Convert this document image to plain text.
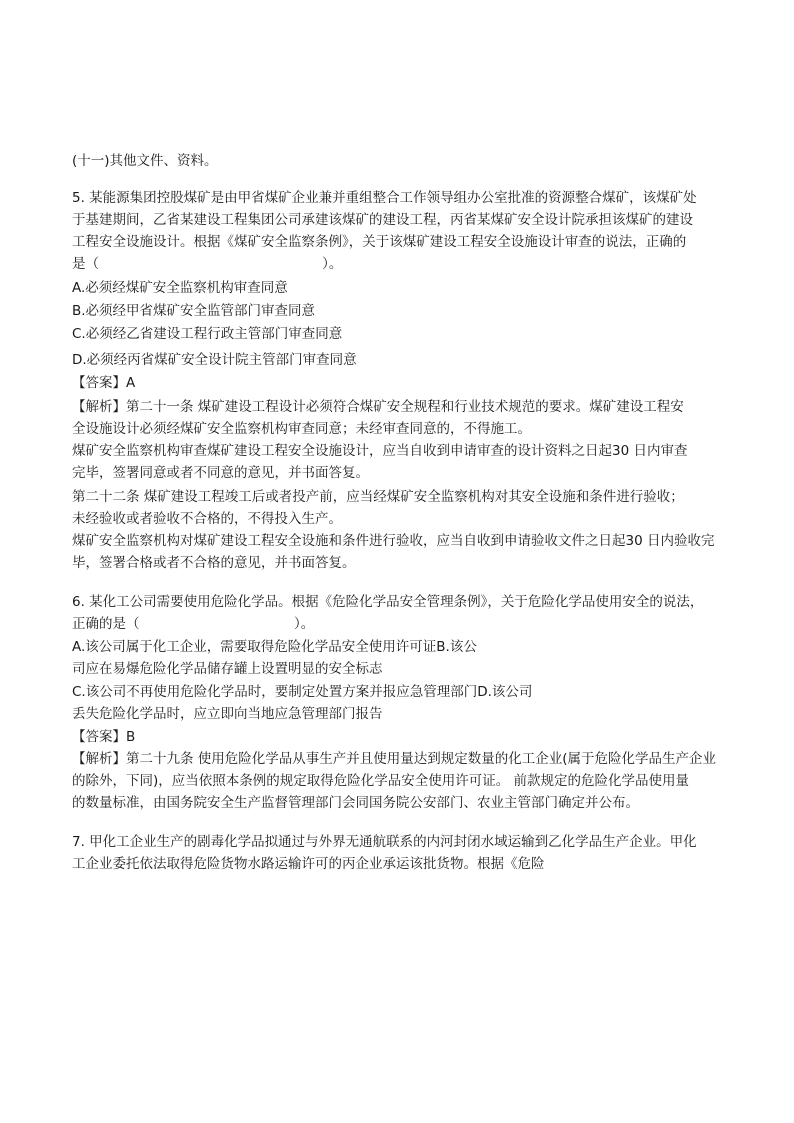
(十一)其他文件、资料。
5. 某能源集团控股煤矿是由甲省煤矿企业兼并重组整合工作领导组办公室批准的资源整合煤矿，该煤矿处
于基建期间，乙省某建设工程集团公司承建该煤矿的建设工程，丙省某煤矿安全设计院承担该煤矿的建设
工程安全设施设计。根据《煤矿安全监察条例》，关于该煤矿建设工程安全设施设计审查的说法，正确的
是（                                                    ）。
A.必须经煤矿安全监察机构审查同意
B.必须经甲省煤矿安全监管部门审查同意
C.必须经乙省建设工程行政主管部门审查同意
D.必须经丙省煤矿安全设计院主管部门审查同意
【答案】A
【解析】第二十一条 煤矿建设工程设计必须符合煤矿安全规程和行业技术规范的要求。煤矿建设工程安
全设施设计必须经煤矿安全监察机构审查同意；未经审查同意的，不得施工。
煤矿安全监察机构审查煤矿建设工程安全设施设计，应当自收到申请审查的设计资料之日起30 日内审查
完毕，签署同意或者不同意的意见，并书面答复。
第二十二条 煤矿建设工程竣工后或者投产前，应当经煤矿安全监察机构对其安全设施和条件进行验收；
未经验收或者验收不合格的，不得投入生产。
煤矿安全监察机构对煤矿建设工程安全设施和条件进行验收，应当自收到申请验收文件之日起30 日内验收完
毕，签署合格或者不合格的意见，并书面答复。
6. 某化工公司需要使用危险化学品。根据《危险化学品安全管理条例》，关于危险化学品使用安全的说法，
正确的是（                                    ）。
A.该公司属于化工企业，需要取得危险化学品安全使用许可证B.该公
司应在易爆危险化学品储存罐上设置明显的安全标志
C.该公司不再使用危险化学品时，要制定处置方案并报应急管理部门D.该公司
丢失危险化学品时，应立即向当地应急管理部门报告
【答案】B
【解析】第二十九条 使用危险化学品从事生产并且使用量达到规定数量的化工企业(属于危险化学品生产企业
的除外，下同)，应当依照本条例的规定取得危险化学品安全使用许可证。 前款规定的危险化学品使用量
的数量标准，由国务院安全生产监督管理部门会同国务院公安部门、农业主管部门确定并公布。
7. 甲化工企业生产的剧毒化学品拟通过与外界无通航联系的内河封闭水域运输到乙化学品生产企业。甲化
工企业委托依法取得危险货物水路运输许可的丙企业承运该批货物。根据《危险
